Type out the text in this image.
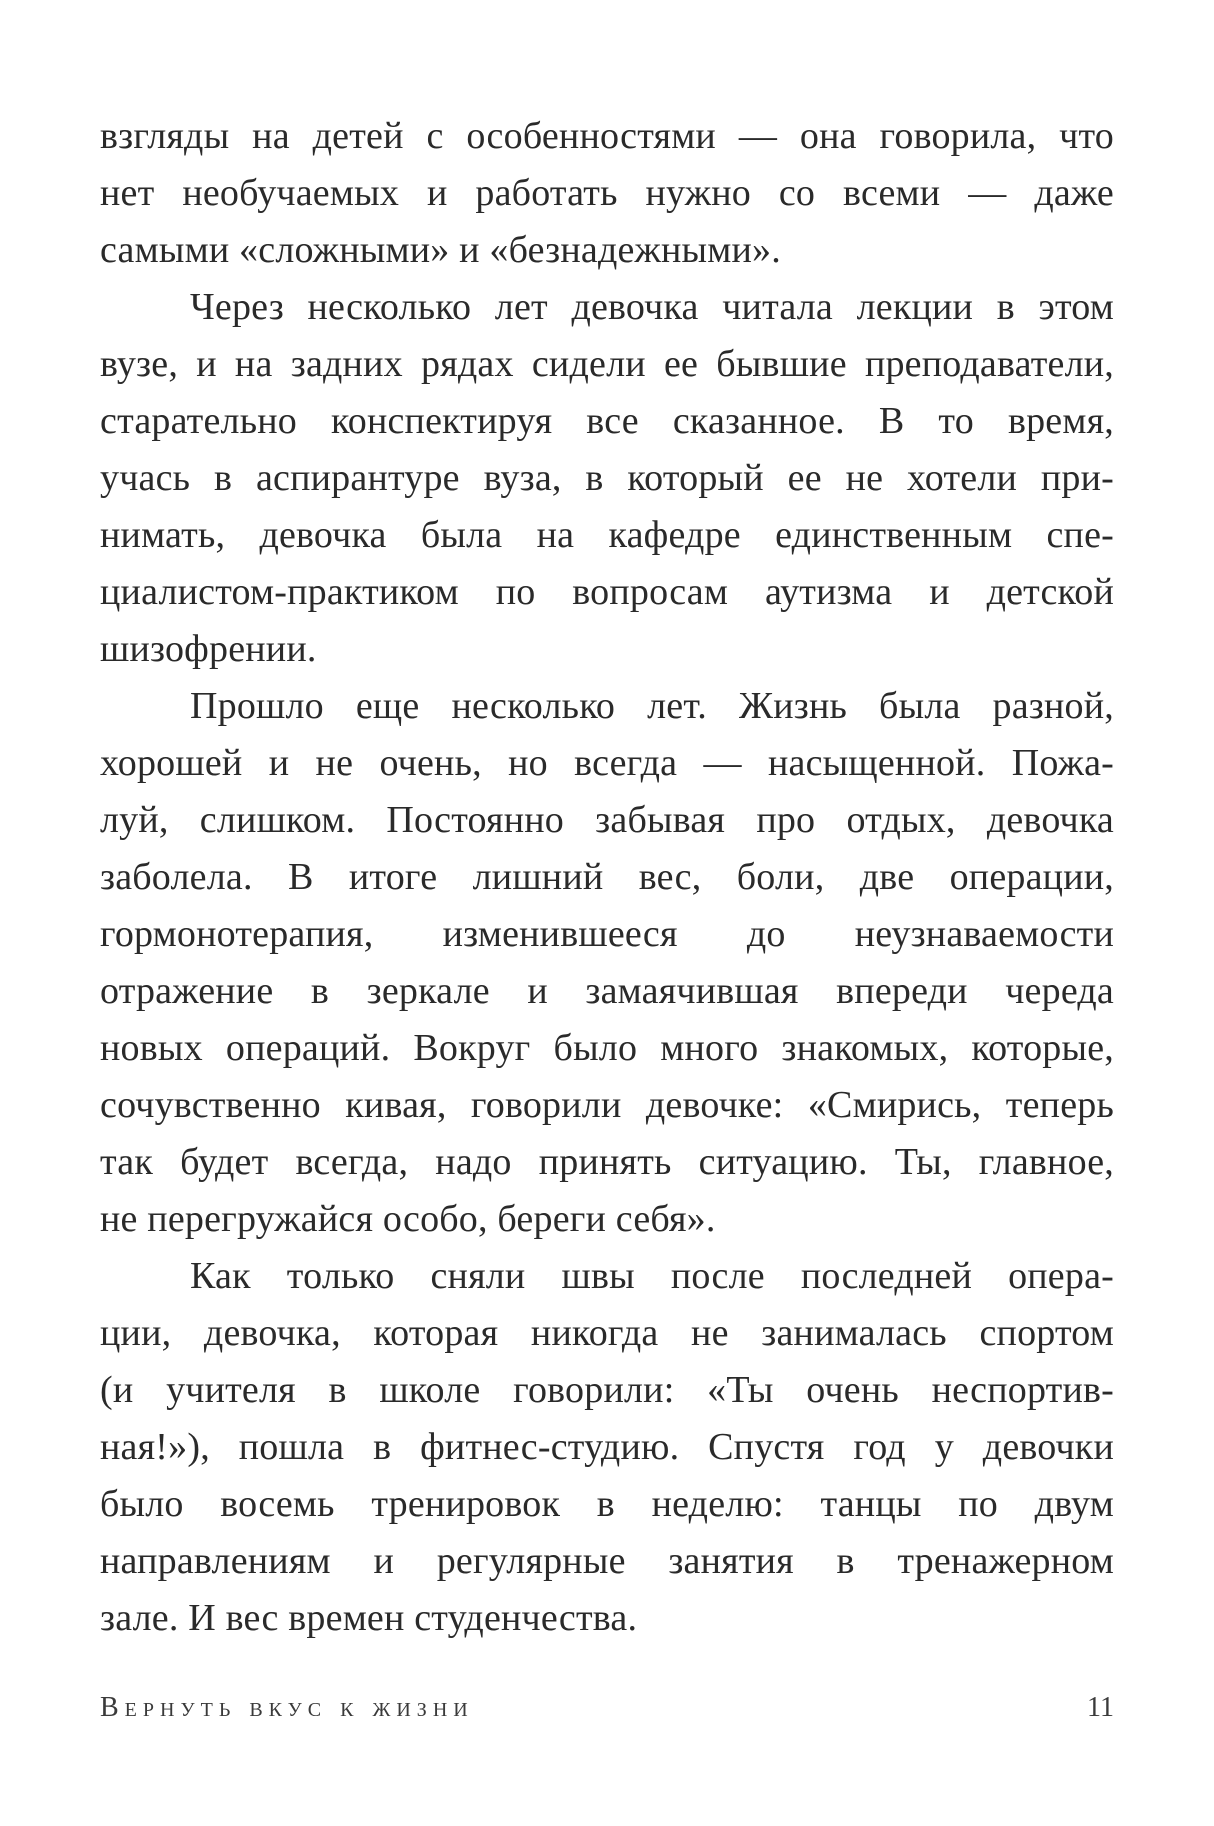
взгляды на детей с особенностями — она говорила, что
нет необучаемых и работать нужно со всеми — даже
самыми «сложными» и «безнадежными».
Через несколько лет девочка читала лекции в этом
вузе, и на задних рядах сидели ее бывшие преподаватели,
старательно конспектируя все сказанное. В то время,
учась в аспирантуре вуза, в который ее не хотели при-
нимать, девочка была на кафедре единственным спе-
циалистом-практиком по вопросам аутизма и детской
шизофрении.
Прошло еще несколько лет. Жизнь была разной,
хорошей и не очень, но всегда — насыщенной. Пожа-
луй, слишком. Постоянно забывая про отдых, девочка
заболела. В итоге лишний вес, боли, две операции,
гормонотерапия, изменившееся до неузнаваемости
отражение в зеркале и замаячившая впереди череда
новых операций. Вокруг было много знакомых, которые,
сочувственно кивая, говорили девочке: «Смирись, теперь
так будет всегда, надо принять ситуацию. Ты, главное,
не перегружайся особо, береги себя».
Как только сняли швы после последней опера-
ции, девочка, которая никогда не занималась спортом
(и учителя в школе говорили: «Ты очень неспортив-
ная!»), пошла в фитнес-студию. Спустя год у девочки
было восемь тренировок в неделю: танцы по двум
направлениям и регулярные занятия в тренажерном
зале. И вес времен студенчества.
Вернуть вкус к жизни	11
